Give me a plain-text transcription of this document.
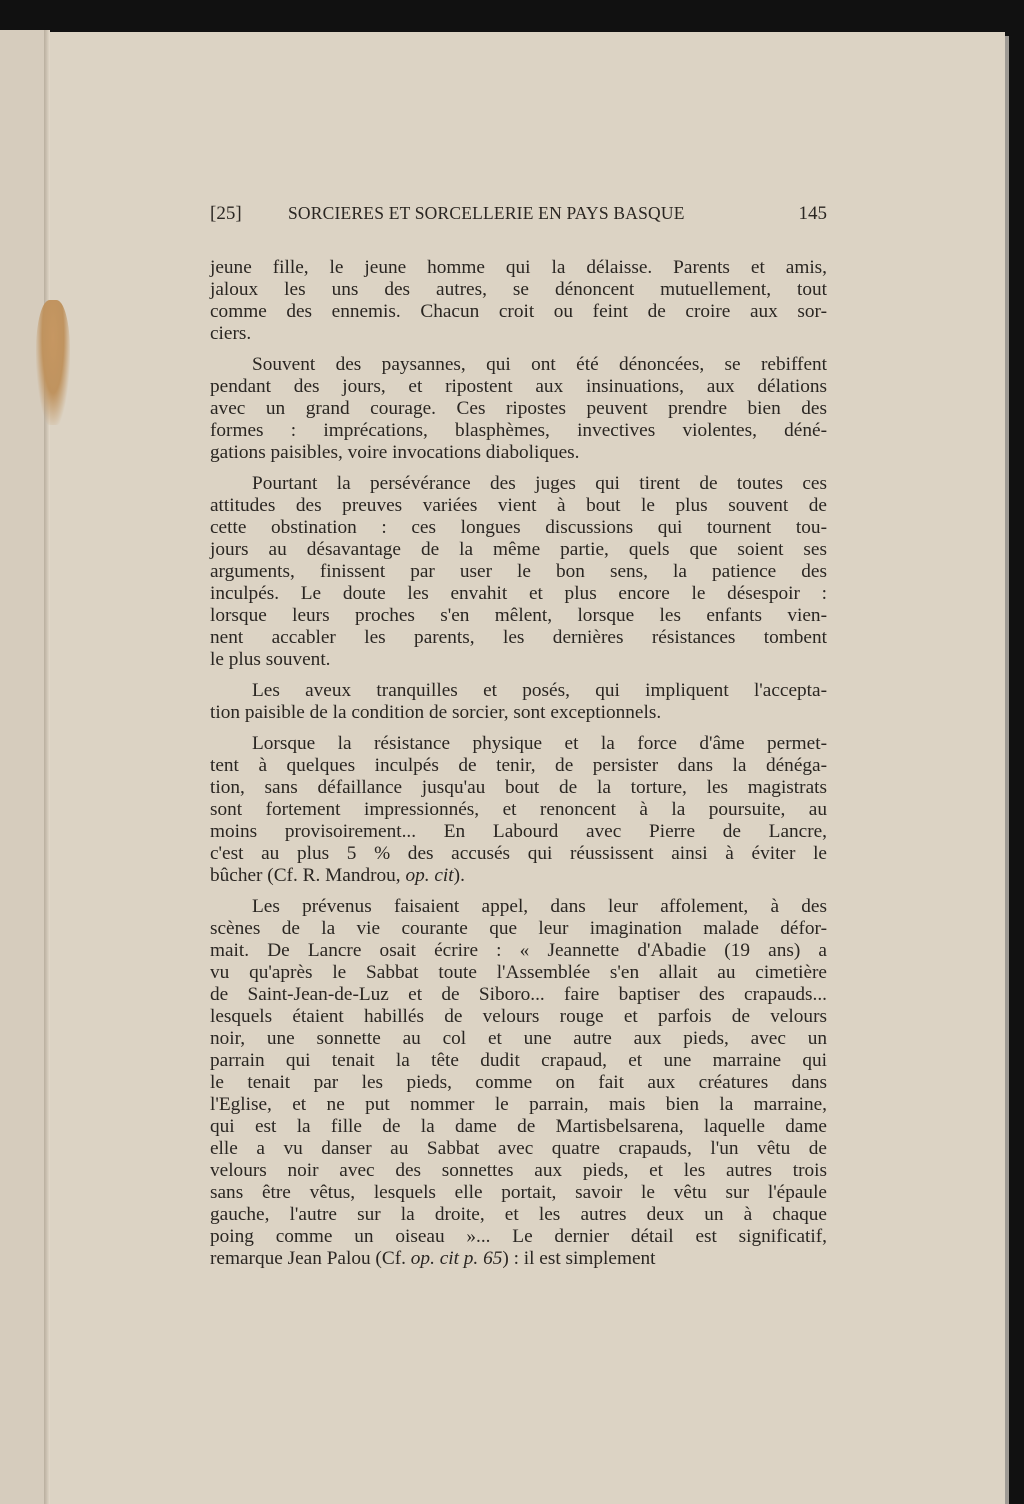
[25]	SORCIERES ET SORCELLERIE EN PAYS BASQUE	145
jeune fille, le jeune homme qui la délaisse. Parents et amis,
jaloux les uns des autres, se dénoncent mutuellement, tout
comme des ennemis. Chacun croit ou feint de croire aux sor-
ciers.
Souvent des paysannes, qui ont été dénoncées, se rebiffent
pendant des jours, et ripostent aux insinuations, aux délations
avec un grand courage. Ces ripostes peuvent prendre bien des
formes : imprécations, blasphèmes, invectives violentes, déné-
gations paisibles, voire invocations diaboliques.
Pourtant la persévérance des juges qui tirent de toutes ces
attitudes des preuves variées vient à bout le plus souvent de
cette obstination : ces longues discussions qui tournent tou-
jours au désavantage de la même partie, quels que soient ses
arguments, finissent par user le bon sens, la patience des
inculpés. Le doute les envahit et plus encore le désespoir :
lorsque leurs proches s'en mêlent, lorsque les enfants vien-
nent accabler les parents, les dernières résistances tombent
le plus souvent.
Les aveux tranquilles et posés, qui impliquent l'accepta-
tion paisible de la condition de sorcier, sont exceptionnels.
Lorsque la résistance physique et la force d'âme permet-
tent à quelques inculpés de tenir, de persister dans la dénéga-
tion, sans défaillance jusqu'au bout de la torture, les magistrats
sont fortement impressionnés, et renoncent à la poursuite, au
moins provisoirement... En Labourd avec Pierre de Lancre,
c'est au plus 5 % des accusés qui réussissent ainsi à éviter le
bûcher (Cf. R. Mandrou, op. cit).
Les prévenus faisaient appel, dans leur affolement, à des
scènes de la vie courante que leur imagination malade défor-
mait. De Lancre osait écrire : « Jeannette d'Abadie (19 ans) a
vu qu'après le Sabbat toute l'Assemblée s'en allait au cimetière
de Saint-Jean-de-Luz et de Siboro... faire baptiser des crapauds...
lesquels étaient habillés de velours rouge et parfois de velours
noir, une sonnette au col et une autre aux pieds, avec un
parrain qui tenait la tête dudit crapaud, et une marraine qui
le tenait par les pieds, comme on fait aux créatures dans
l'Eglise, et ne put nommer le parrain, mais bien la marraine,
qui est la fille de la dame de Martisbelsarena, laquelle dame
elle a vu danser au Sabbat avec quatre crapauds, l'un vêtu de
velours noir avec des sonnettes aux pieds, et les autres trois
sans être vêtus, lesquels elle portait, savoir le vêtu sur l'épaule
gauche, l'autre sur la droite, et les autres deux un à chaque
poing comme un oiseau »... Le dernier détail est significatif,
remarque Jean Palou (Cf. op. cit p. 65) : il est simplement
